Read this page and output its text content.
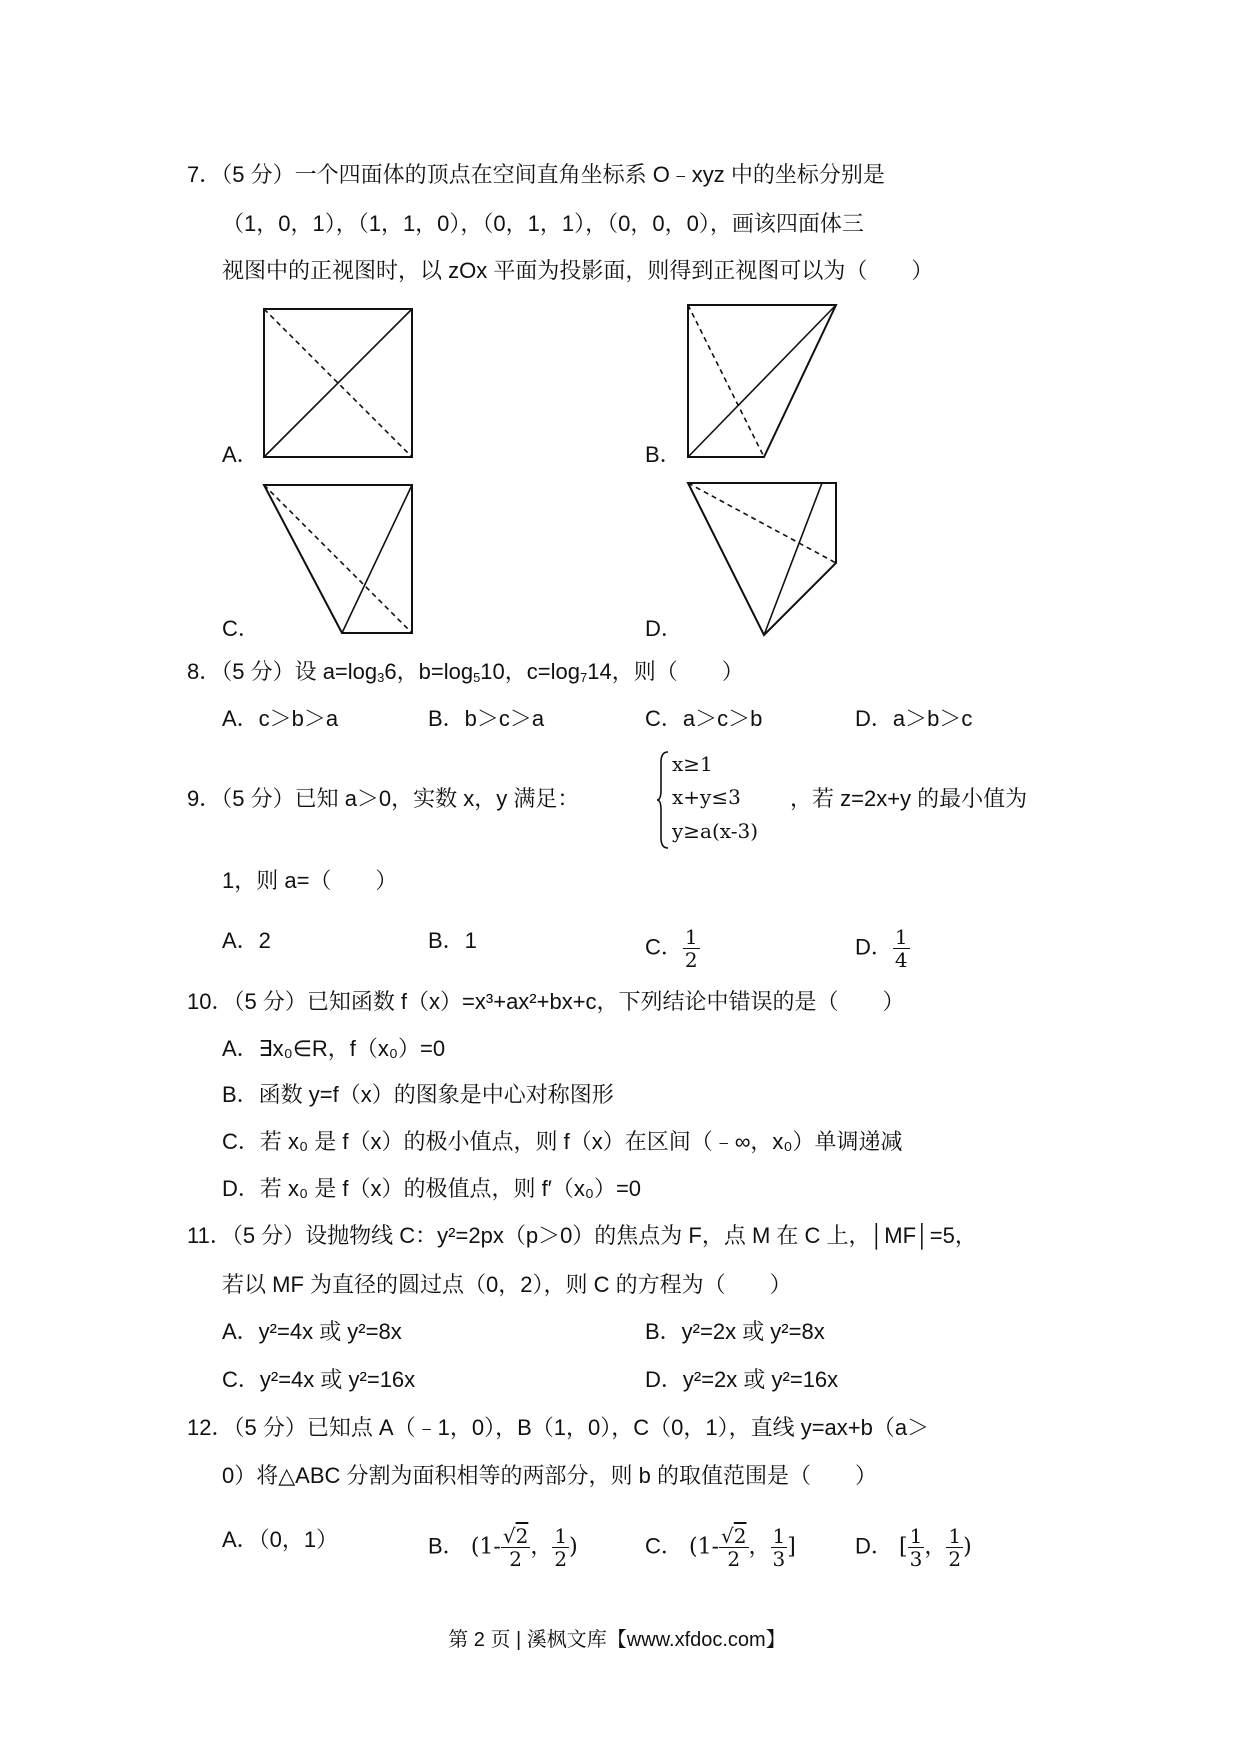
7．（5 分）一个四面体的顶点在空间直角坐标系 O﹣xyz 中的坐标分别是
（1，0，1），（1，1，0），（0，1，1），（0，0，0），画该四面体三
视图中的正视图时，以 zOx 平面为投影面，则得到正视图可以为（　　）
A．	B．
C．	D．
8．（5 分）设 $a=\log_36$，$b=\log_510$，$c=\log_714$，则（　　）
A．c＞b＞a	B．b＞c＞a	C．a＞c＞b	D．a＞b＞c
9．（5 分）已知 a＞0，实数 x，y 满足：
x≥1
x+y≤3
y≥a(x-3)
，若 z=2x+y 的最小值为
1，则 a=（　　）
A．2	B．1	C． $\frac{1}{2}$	D． $\frac{1}{4}$
10．（5 分）已知函数 f（x）=x³+ax²+bx+c，下列结论中错误的是（　　）
A．∃x₀∈R，f（x₀）=0
B．函数 y=f（x）的图象是中心对称图形
C．若 x₀ 是 f（x）的极小值点，则 f（x）在区间（﹣∞，x₀）单调递减
D．若 x₀ 是 f（x）的极值点，则 f′（x₀）=0
11．（5 分）设抛物线 C：y²=2px（p＞0）的焦点为 F，点 M 在 C 上，│MF│=5，
若以 MF 为直径的圆过点（0，2），则 C 的方程为（　　）
A．y²=4x 或 y²=8x	B．y²=2x 或 y²=8x
C．y²=4x 或 y²=16x	D．y²=2x 或 y²=16x
12．（5 分）已知点 A（﹣1，0），B（1，0），C（0，1），直线 y=ax+b（a＞
0）将△ABC 分割为面积相等的两部分，则 b 的取值范围是（　　）
A．（0，1）	B． ($1- \frac{√2}{2}$ ， $\frac{1}{2}$ )	C． ($1- \frac{√2}{2}$ ， $\frac{1}{3}$ ]	D． [ $\frac{1}{3}$ ， $\frac{1}{2}$ )
第 2 页 | 溪枫文库【www.xfdoc.com】
